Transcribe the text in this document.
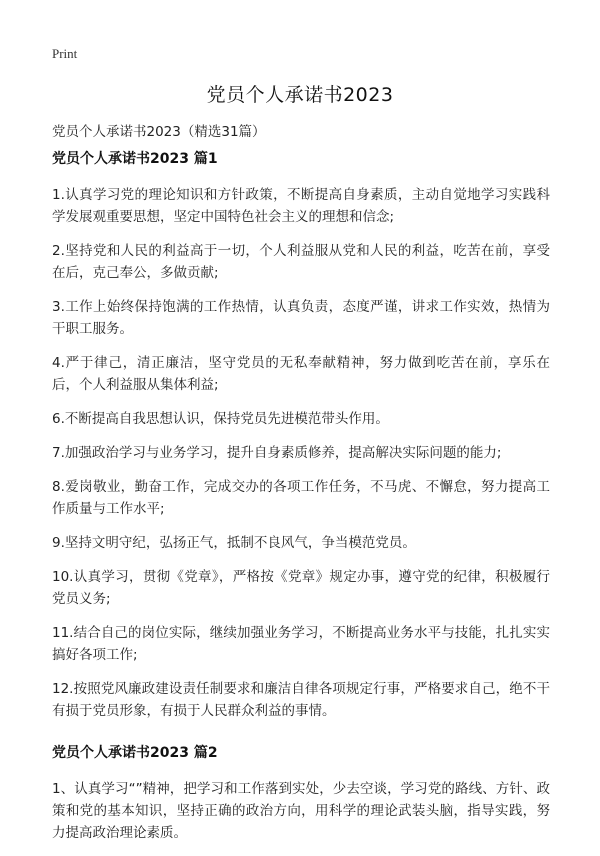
Print
党员个人承诺书2023
党员个人承诺书2023（精选31篇）
党员个人承诺书2023 篇1

1.认真学习党的理论知识和方针政策，不断提高自身素质，主动自觉地学习实践科学发展观重要思想，坚定中国特色社会主义的理想和信念;

2.坚持党和人民的利益高于一切，个人利益服从党和人民的利益，吃苦在前，享受在后，克己奉公，多做贡献;

3.工作上始终保持饱满的工作热情，认真负责，态度严谨，讲求工作实效，热情为干职工服务。

4.严于律己，清正廉洁，坚守党员的无私奉献精神，努力做到吃苦在前，享乐在后，个人利益服从集体利益;

6.不断提高自我思想认识，保持党员先进模范带头作用。

7.加强政治学习与业务学习，提升自身素质修养，提高解决实际问题的能力;

8.爱岗敬业，勤奋工作，完成交办的各项工作任务，不马虎、不懈怠，努力提高工作质量与工作水平;

9.坚持文明守纪，弘扬正气，抵制不良风气，争当模范党员。

10.认真学习，贯彻《党章》，严格按《党章》规定办事，遵守党的纪律，积极履行党员义务;

11.结合自己的岗位实际，继续加强业务学习，不断提高业务水平与技能，扎扎实实搞好各项工作;

12.按照党风廉政建设责任制要求和廉洁自律各项规定行事，严格要求自己，绝不干有损于党员形象，有损于人民群众利益的事情。

党员个人承诺书2023 篇2

1、认真学习“”精神，把学习和工作落到实处，少去空谈，学习党的路线、方针、政策和党的基本知识，坚持正确的政治方向，用科学的理论武装头脑，指导实践，努力提高政治理论素质。
